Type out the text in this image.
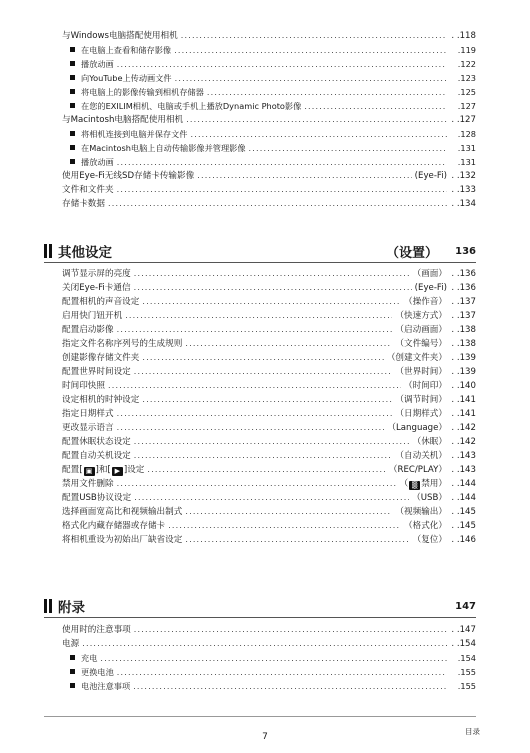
与Windows电脑搭配使用相机 .....	. .118
在电脑上查看和储存影像 .....	.119
播放动画 .....	.122
向YouTube上传动画文件 .....	.123
将电脑上的影像传输到相机存储器 .....	.125
在您的EXILIM相机、电脑或手机上播放Dynamic Photo影像 .....	.127
与Macintosh电脑搭配使用相机 .....	. .127
将相机连接到电脑并保存文件 .....	.128
在Macintosh电脑上自动传输影像并管理影像 .....	.131
播放动画 .....	.131
使用Eye-Fi无线SD存储卡传输影像 .....	(Eye-Fi) . .132
文件和文件夹 .....	. .133
存储卡数据 .....	. .134
其他设定	（设置） 136
调节显示屏的亮度 .....	（画面） . .136
关闭Eye-Fi卡通信 .....	(Eye-Fi) . .136
配置相机的声音设定 .....	（操作音） . .137
启用快门钮开机 .....	（快速方式） . .137
配置启动影像 .....	（启动画面） . .138
指定文件名称序列号的生成规则 .....	（文件编号） . .138
创建影像存储文件夹 .....	（创建文件夹） . .139
配置世界时间设定 .....	（世界时间） . .139
时间印快照 .....	（时间印） . .140
设定相机的时钟设定 .....	（调节时间） . .141
指定日期样式 .....	（日期样式） . .141
更改显示语言 .....	（Language） . .142
配置休眠状态设定 .....	（休眠） . .142
配置自动关机设定 .....	（自动关机） . .143
配置[ ▣ ]和[ ▶ ]设定 .....	（REC/PLAY） . .143
禁用文件删除 .....	（ ▒ 禁用） . .144
配置USB协议设定 .....	（USB） . .144
选择画面宽高比和视频输出制式 .....	（视频输出） . .145
格式化内藏存储器或存储卡 .....	（格式化） . .145
将相机重设为初始出厂缺省设定 .....	（复位） . .146
附录	147
使用时的注意事项 .....	. .147
电源 .....	. .154
充电 .....	.154
更换电池 .....	.155
电池注意事项 .....	.155
目录
7
